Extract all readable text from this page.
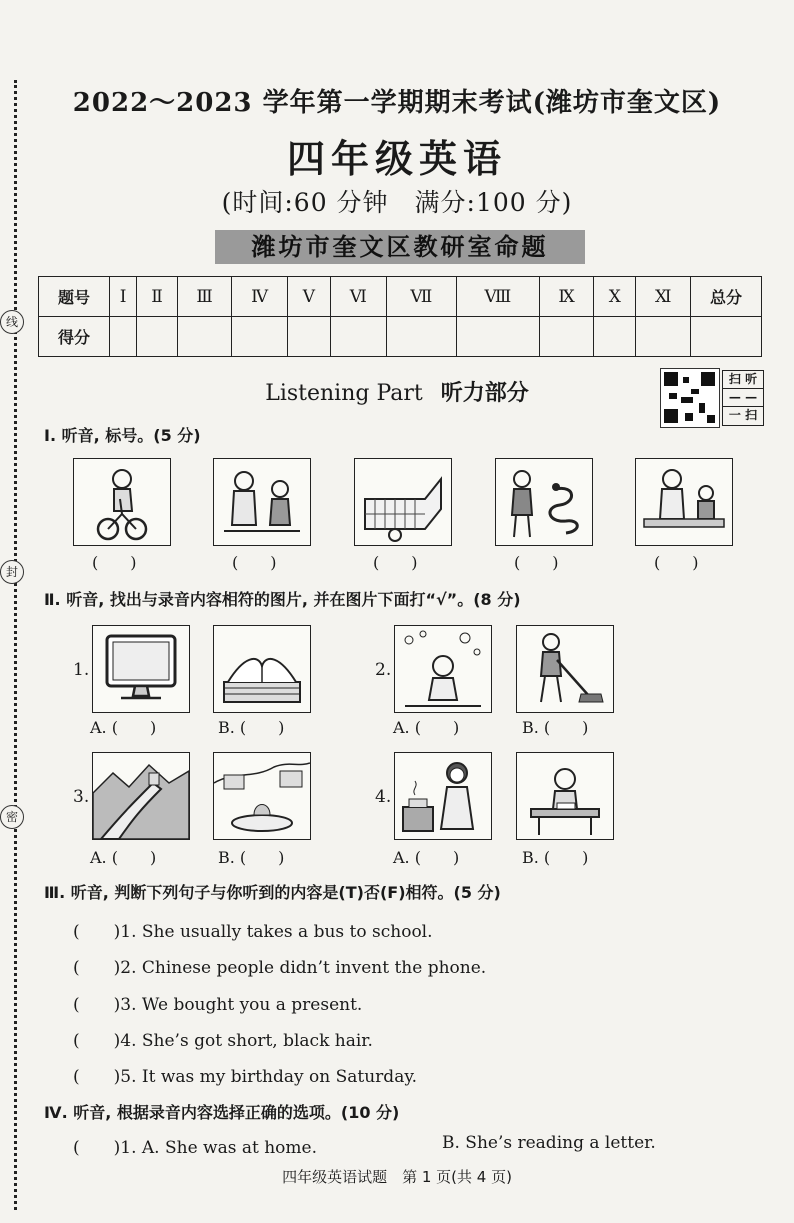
线
封
密
2022～2023 学年第一学期期末考试(潍坊市奎文区)
四年级英语
(时间:60 分钟　满分:100 分)
潍坊市奎文区教研室命题
题号	Ⅰ	Ⅱ	Ⅲ	Ⅳ	Ⅴ	Ⅵ	Ⅶ	Ⅷ	Ⅸ	Ⅹ	Ⅺ	总分
得分												
Listening Part 听力部分
扫 听
— —
一 扫
Ⅰ. 听音, 标号。(5 分)
(　　)	(　　)	(　　)	(　　)	(　　)
Ⅱ. 听音, 找出与录音内容相符的图片, 并在图片下面打“√”。(8 分)
1.
A. (　　)	B. (　　)
2.
A. (　　)	B. (　　)
3.
A. (　　)	B. (　　)
4.
A. (　　)	B. (　　)
Ⅲ. 听音, 判断下列句子与你听到的内容是(T)否(F)相符。(5 分)
(　　)1. She usually takes a bus to school.
(　　)2. Chinese people didn’t invent the phone.
(　　)3. We bought you a present.
(　　)4. She’s got short, black hair.
(　　)5. It was my birthday on Saturday.
Ⅳ. 听音, 根据录音内容选择正确的选项。(10 分)
(　　)1. A. She was at home.	B. She’s reading a letter.
四年级英语试题　第 1 页(共 4 页)
